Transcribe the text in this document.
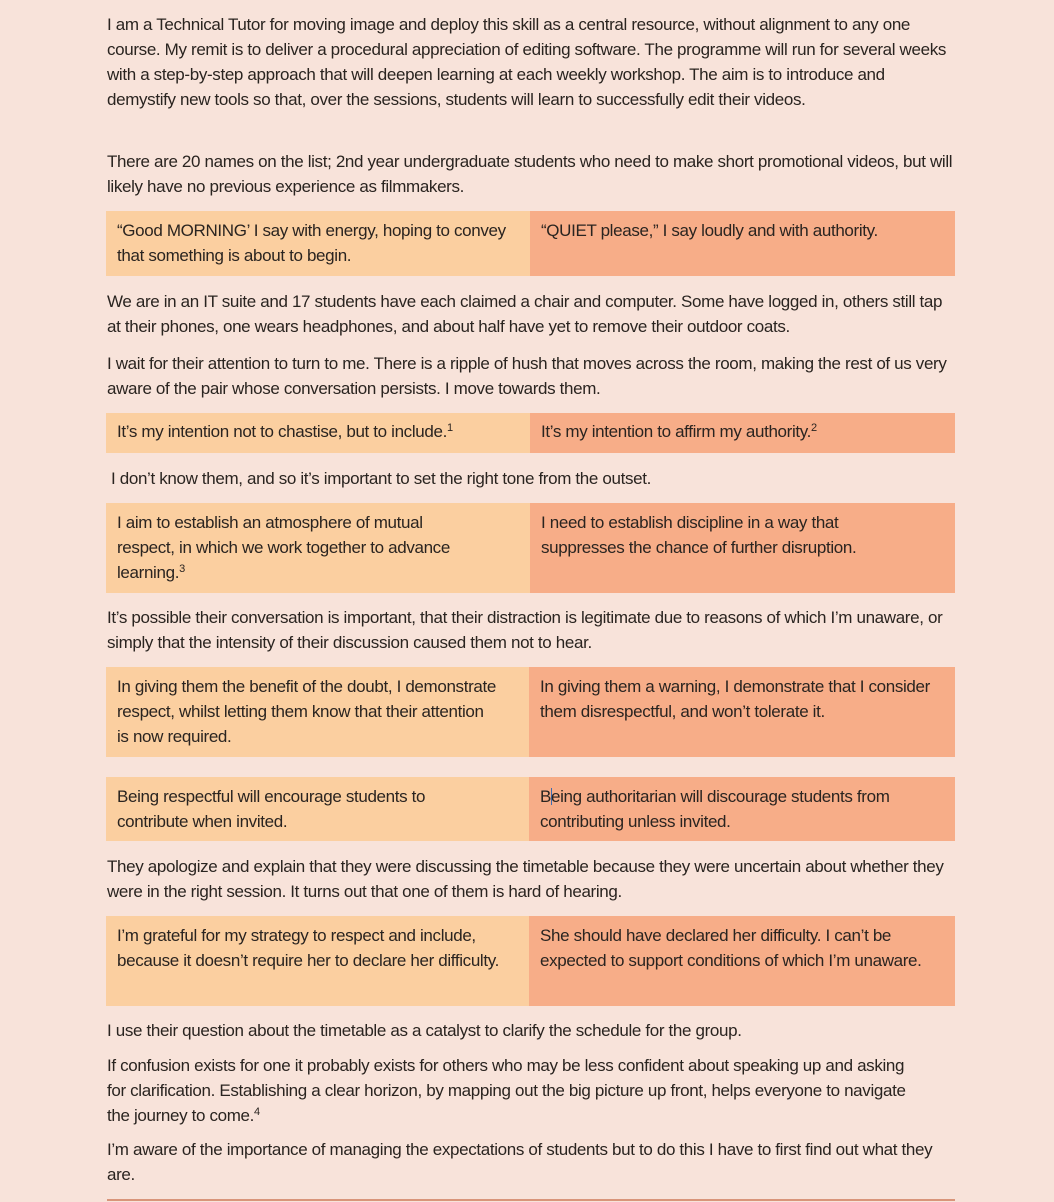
I am a Technical Tutor for moving image and deploy this skill as a central resource, without alignment to any one course. My remit is to deliver a procedural appreciation of editing software. The programme will run for several weeks with a step-by-step approach that will deepen learning at each weekly workshop. The aim is to introduce and demystify new tools so that, over the sessions, students will learn to successfully edit their videos.

There are 20 names on the list; 2nd year undergraduate students who need to make short promotional videos, but will likely have no previous experience as filmmakers.

“Good MORNING’ I say with energy, hoping to convey that something is about to begin.
“QUIET please,” I say loudly and with authority.

We are in an IT suite and 17 students have each claimed a chair and computer. Some have logged in, others still tap at their phones, one wears headphones, and about half have yet to remove their outdoor coats.

I wait for their attention to turn to me. There is a ripple of hush that moves across the room, making the rest of us very aware of the pair whose conversation persists. I move towards them.

It’s my intention not to chastise, but to include.$^1$	It’s my intention to affirm my authority.$^2$

I don’t know them, and so it’s important to set the right tone from the outset.

I aim to establish an atmosphere of mutual respect, in which we work together to advance learning.$^3$
I need to establish discipline in a way that suppresses the chance of further disruption.

It’s possible their conversation is important, that their distraction is legitimate due to reasons of which I’m unaware, or simply that the intensity of their discussion caused them not to hear.

In giving them the benefit of the doubt, I demonstrate respect, whilst letting them know that their attention is now required.
In giving them a warning, I demonstrate that I consider them disrespectful, and won’t tolerate it.
Being respectful will encourage students to contribute when invited.
Being authoritarian will discourage students from contributing unless invited.

They apologize and explain that they were discussing the timetable because they were uncertain about whether they were in the right session. It turns out that one of them is hard of hearing.

I’m grateful for my strategy to respect and include, because it doesn’t require her to declare her difficulty.
She should have declared her difficulty. I can’t be expected to support conditions of which I’m unaware.

I use their question about the timetable as a catalyst to clarify the schedule for the group.

If confusion exists for one it probably exists for others who may be less confident about speaking up and asking for clarification. Establishing a clear horizon, by mapping out the big picture up front, helps everyone to navigate the journey to come.$^4$

I’m aware of the importance of managing the expectations of students but to do this I have to first find out what they are.
